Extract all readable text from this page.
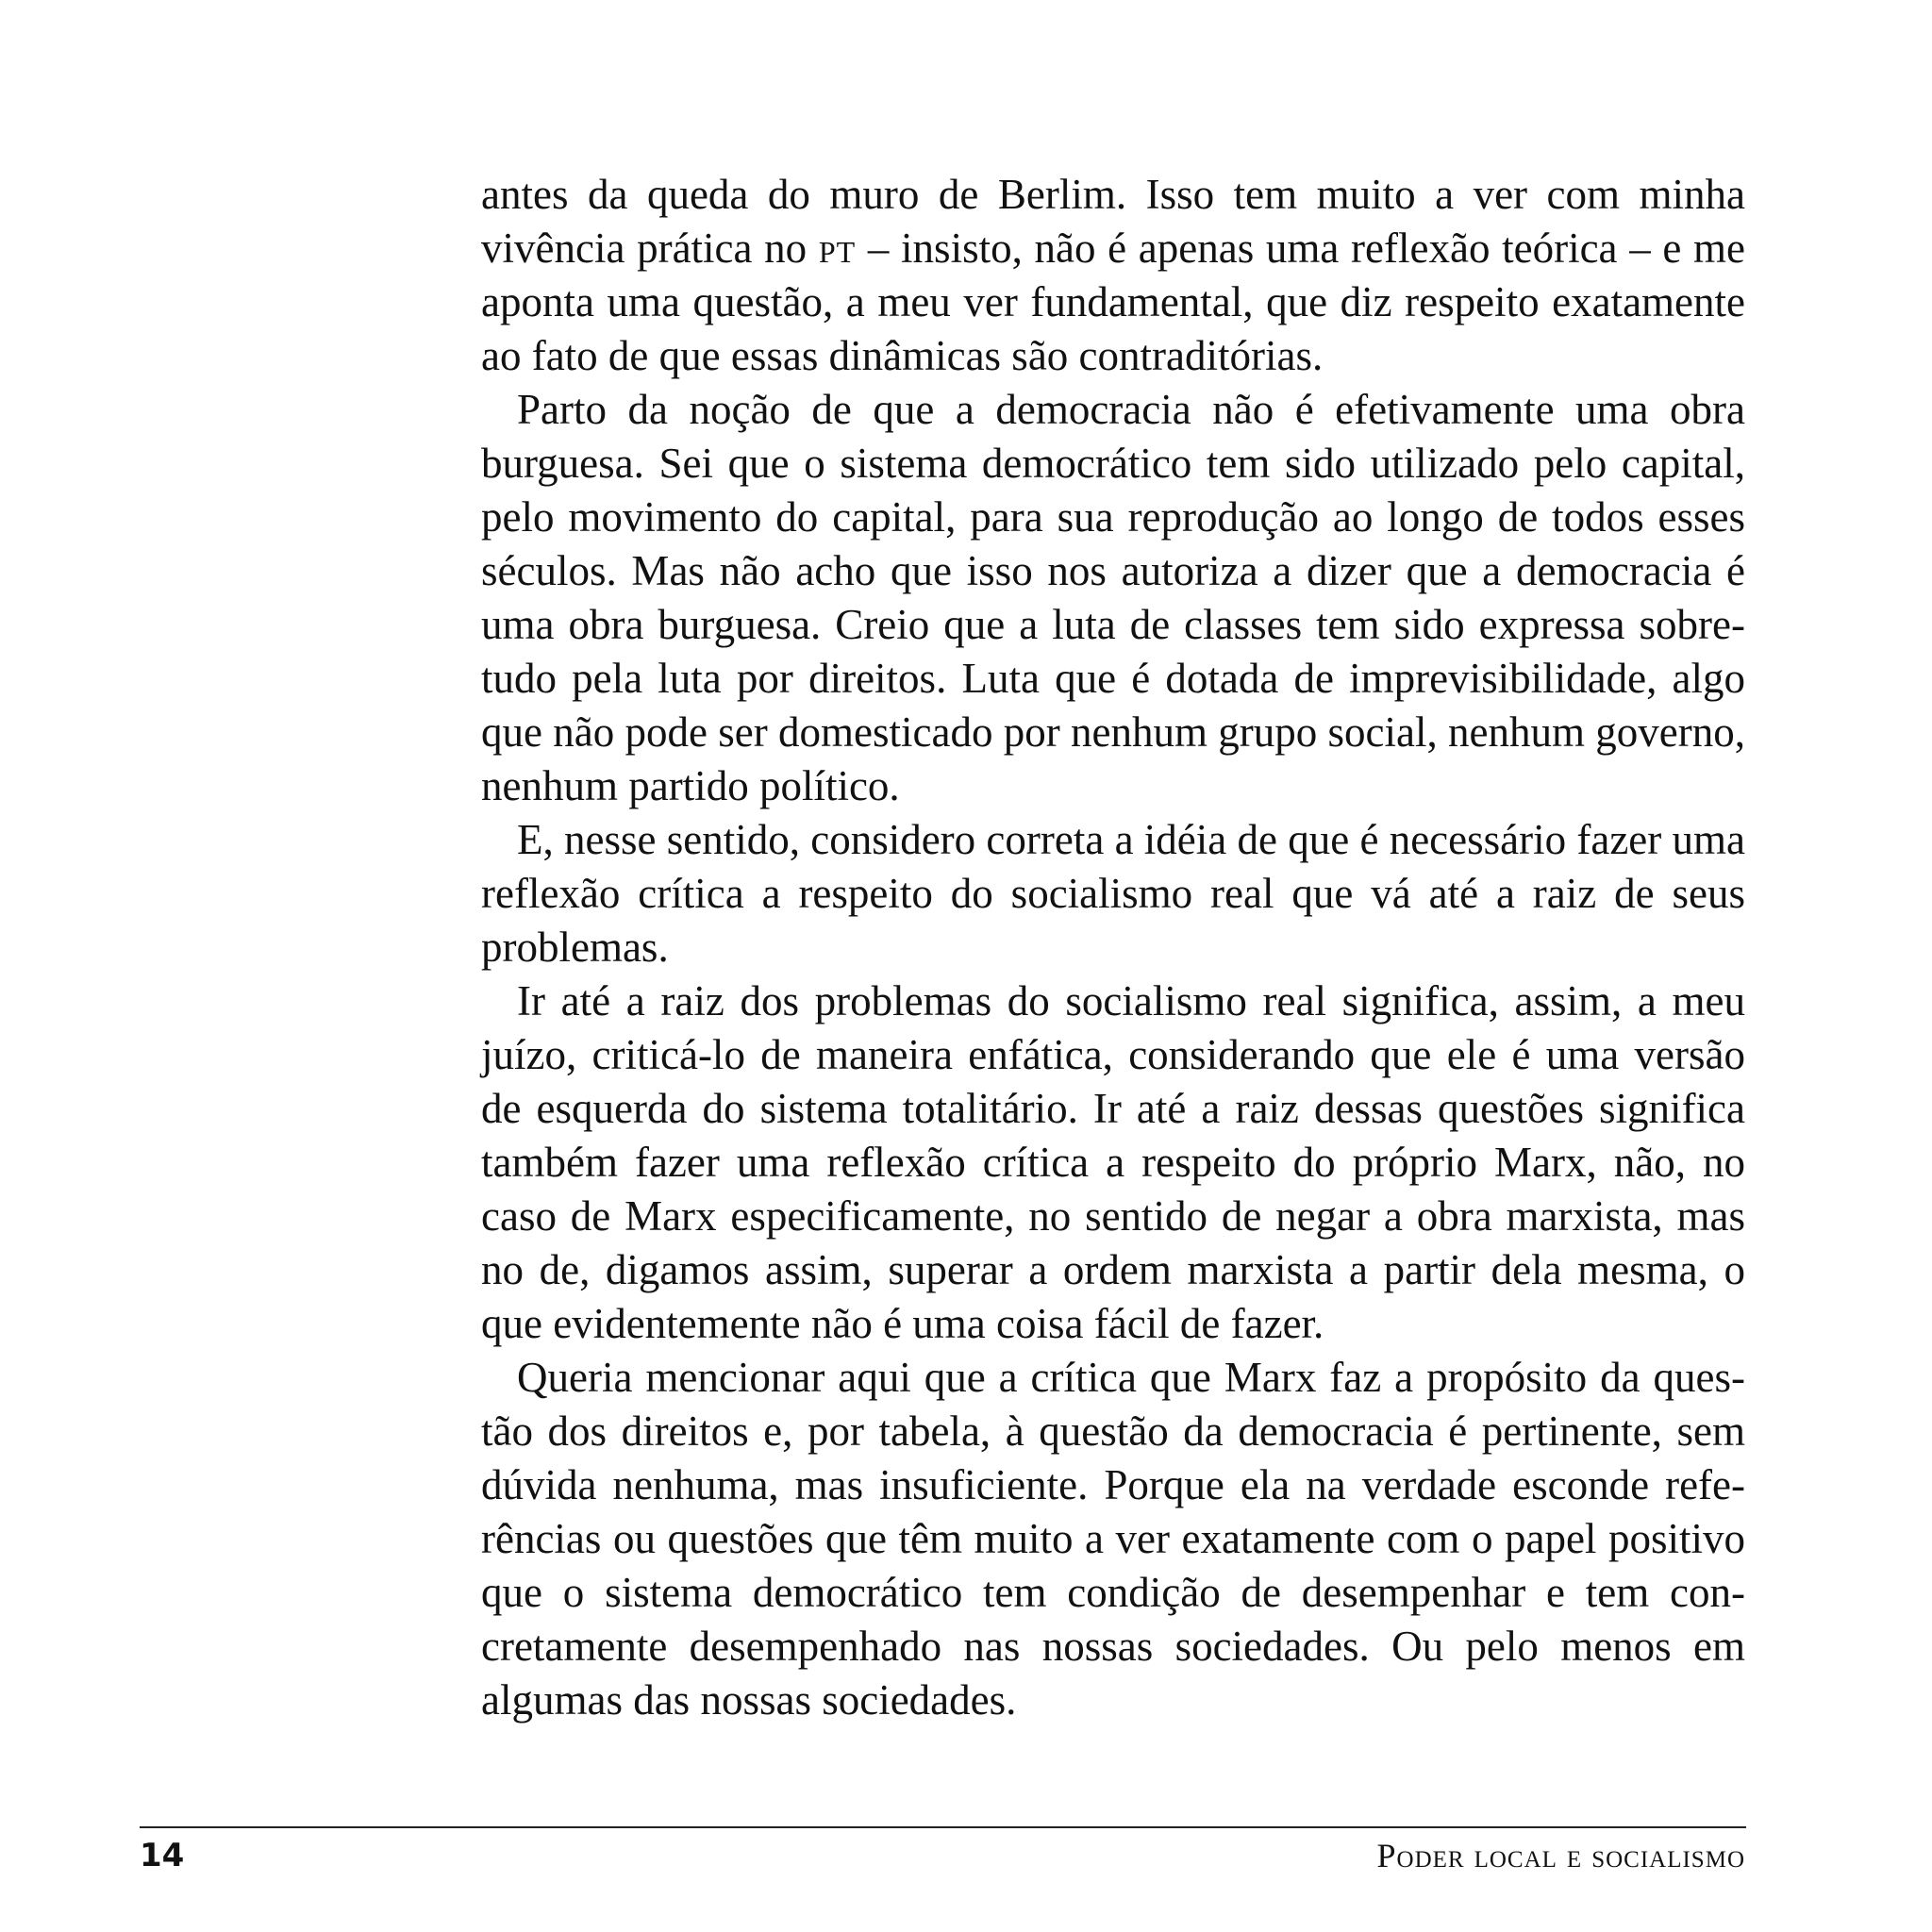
antes da queda do muro de Berlim. Isso tem muito a ver com minha vivência prática no pt – insisto, não é apenas uma reflexão teórica – e me aponta uma questão, a meu ver fundamental, que diz respeito exatamente ao fato de que essas dinâmicas são contraditórias.

Parto da noção de que a democracia não é efetivamente uma obra burguesa. Sei que o sistema democrático tem sido utilizado pelo capital, pelo movimento do capital, para sua reprodução ao longo de todos esses séculos. Mas não acho que isso nos autoriza a dizer que a democracia é uma obra burguesa. Creio que a luta de classes tem sido expressa sobretudo pela luta por direitos. Luta que é dotada de imprevisibilidade, algo que não pode ser domesticado por nenhum grupo social, nenhum governo, nenhum partido político.

E, nesse sentido, considero correta a idéia de que é necessário fazer uma reflexão crítica a respeito do socialismo real que vá até a raiz de seus problemas.

Ir até a raiz dos problemas do socialismo real significa, assim, a meu juízo, criticá-lo de maneira enfática, considerando que ele é uma versão de esquerda do sistema totalitário. Ir até a raiz dessas questões significa também fazer uma reflexão crítica a respeito do próprio Marx, não, no caso de Marx especificamente, no sentido de negar a obra marxista, mas no de, digamos assim, superar a ordem marxista a partir dela mesma, o que evidentemente não é uma coisa fácil de fazer.

Queria mencionar aqui que a crítica que Marx faz a propósito da questão dos direitos e, por tabela, à questão da democracia é pertinente, sem dúvida nenhuma, mas insuficiente. Porque ela na verdade esconde referências ou questões que têm muito a ver exatamente com o papel positivo que o sistema democrático tem condição de desempenhar e tem concretamente desempenhado nas nossas sociedades. Ou pelo menos em algumas das nossas sociedades.

14	Poder local e socialismo
